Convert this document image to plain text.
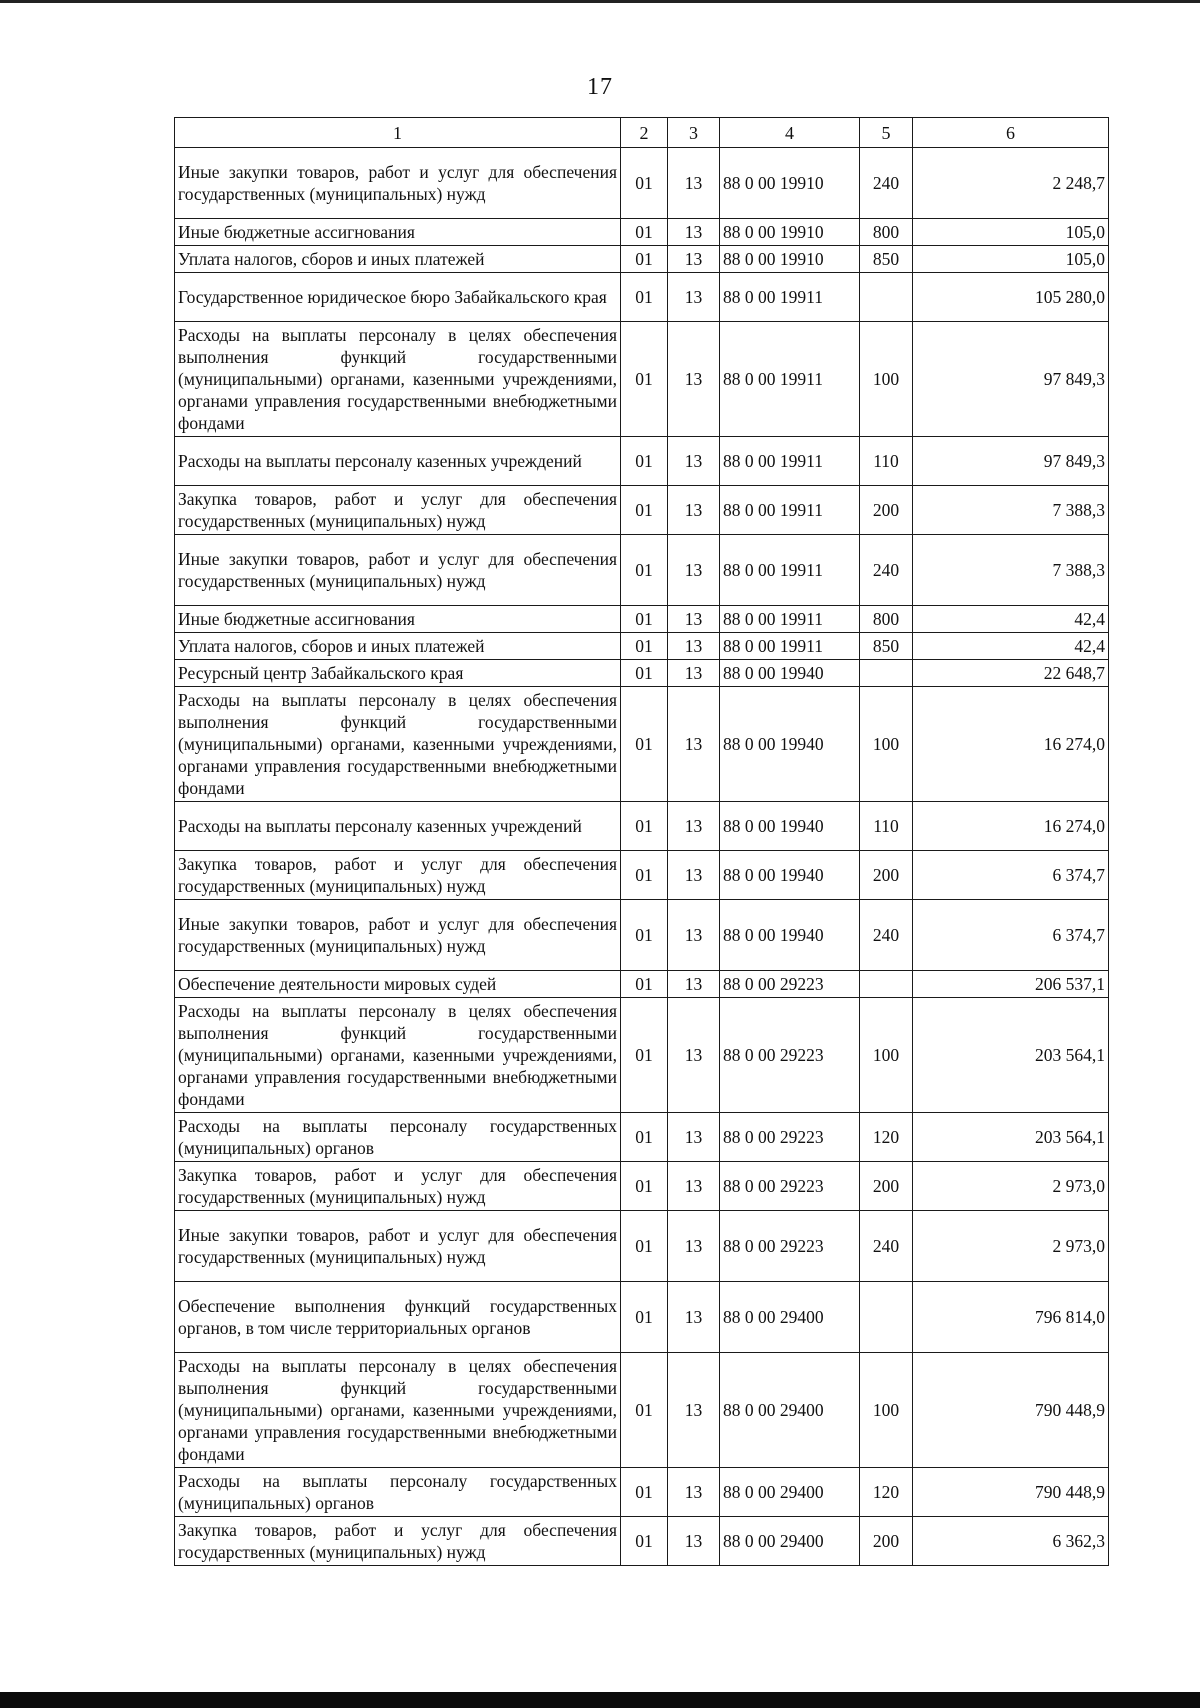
17
1	2	3	4	5	6
Иные закупки товаров, работ и услуг для обеспечения государственных (муниципальных) нужд	01	13	88 0 00 19910	240	2 248,7
Иные бюджетные ассигнования	01	13	88 0 00 19910	800	105,0
Уплата налогов, сборов и иных платежей	01	13	88 0 00 19910	850	105,0
Государственное юридическое бюро Забайкальского края	01	13	88 0 00 19911		105 280,0
Расходы на выплаты персоналу в целях обеспечения выполнения функций государственными (муниципальными) органами, казенными учреждениями, органами управления государственными внебюджетными фондами	01	13	88 0 00 19911	100	97 849,3
Расходы на выплаты персоналу казенных учреждений	01	13	88 0 00 19911	110	97 849,3
Закупка товаров, работ и услуг для обеспечения государственных (муниципальных) нужд	01	13	88 0 00 19911	200	7 388,3
Иные закупки товаров, работ и услуг для обеспечения государственных (муниципальных) нужд	01	13	88 0 00 19911	240	7 388,3
Иные бюджетные ассигнования	01	13	88 0 00 19911	800	42,4
Уплата налогов, сборов и иных платежей	01	13	88 0 00 19911	850	42,4
Ресурсный центр Забайкальского края	01	13	88 0 00 19940		22 648,7
Расходы на выплаты персоналу в целях обеспечения выполнения функций государственными (муниципальными) органами, казенными учреждениями, органами управления государственными внебюджетными фондами	01	13	88 0 00 19940	100	16 274,0
Расходы на выплаты персоналу казенных учреждений	01	13	88 0 00 19940	110	16 274,0
Закупка товаров, работ и услуг для обеспечения государственных (муниципальных) нужд	01	13	88 0 00 19940	200	6 374,7
Иные закупки товаров, работ и услуг для обеспечения государственных (муниципальных) нужд	01	13	88 0 00 19940	240	6 374,7
Обеспечение деятельности мировых судей	01	13	88 0 00 29223		206 537,1
Расходы на выплаты персоналу в целях обеспечения выполнения функций государственными (муниципальными) органами, казенными учреждениями, органами управления государственными внебюджетными фондами	01	13	88 0 00 29223	100	203 564,1
Расходы на выплаты персоналу государственных (муниципальных) органов	01	13	88 0 00 29223	120	203 564,1
Закупка товаров, работ и услуг для обеспечения государственных (муниципальных) нужд	01	13	88 0 00 29223	200	2 973,0
Иные закупки товаров, работ и услуг для обеспечения государственных (муниципальных) нужд	01	13	88 0 00 29223	240	2 973,0
Обеспечение выполнения функций государственных органов, в том числе территориальных органов	01	13	88 0 00 29400		796 814,0
Расходы на выплаты персоналу в целях обеспечения выполнения функций государственными (муниципальными) органами, казенными учреждениями, органами управления государственными внебюджетными фондами	01	13	88 0 00 29400	100	790 448,9
Расходы на выплаты персоналу государственных (муниципальных) органов	01	13	88 0 00 29400	120	790 448,9
Закупка товаров, работ и услуг для обеспечения государственных (муниципальных) нужд	01	13	88 0 00 29400	200	6 362,3
